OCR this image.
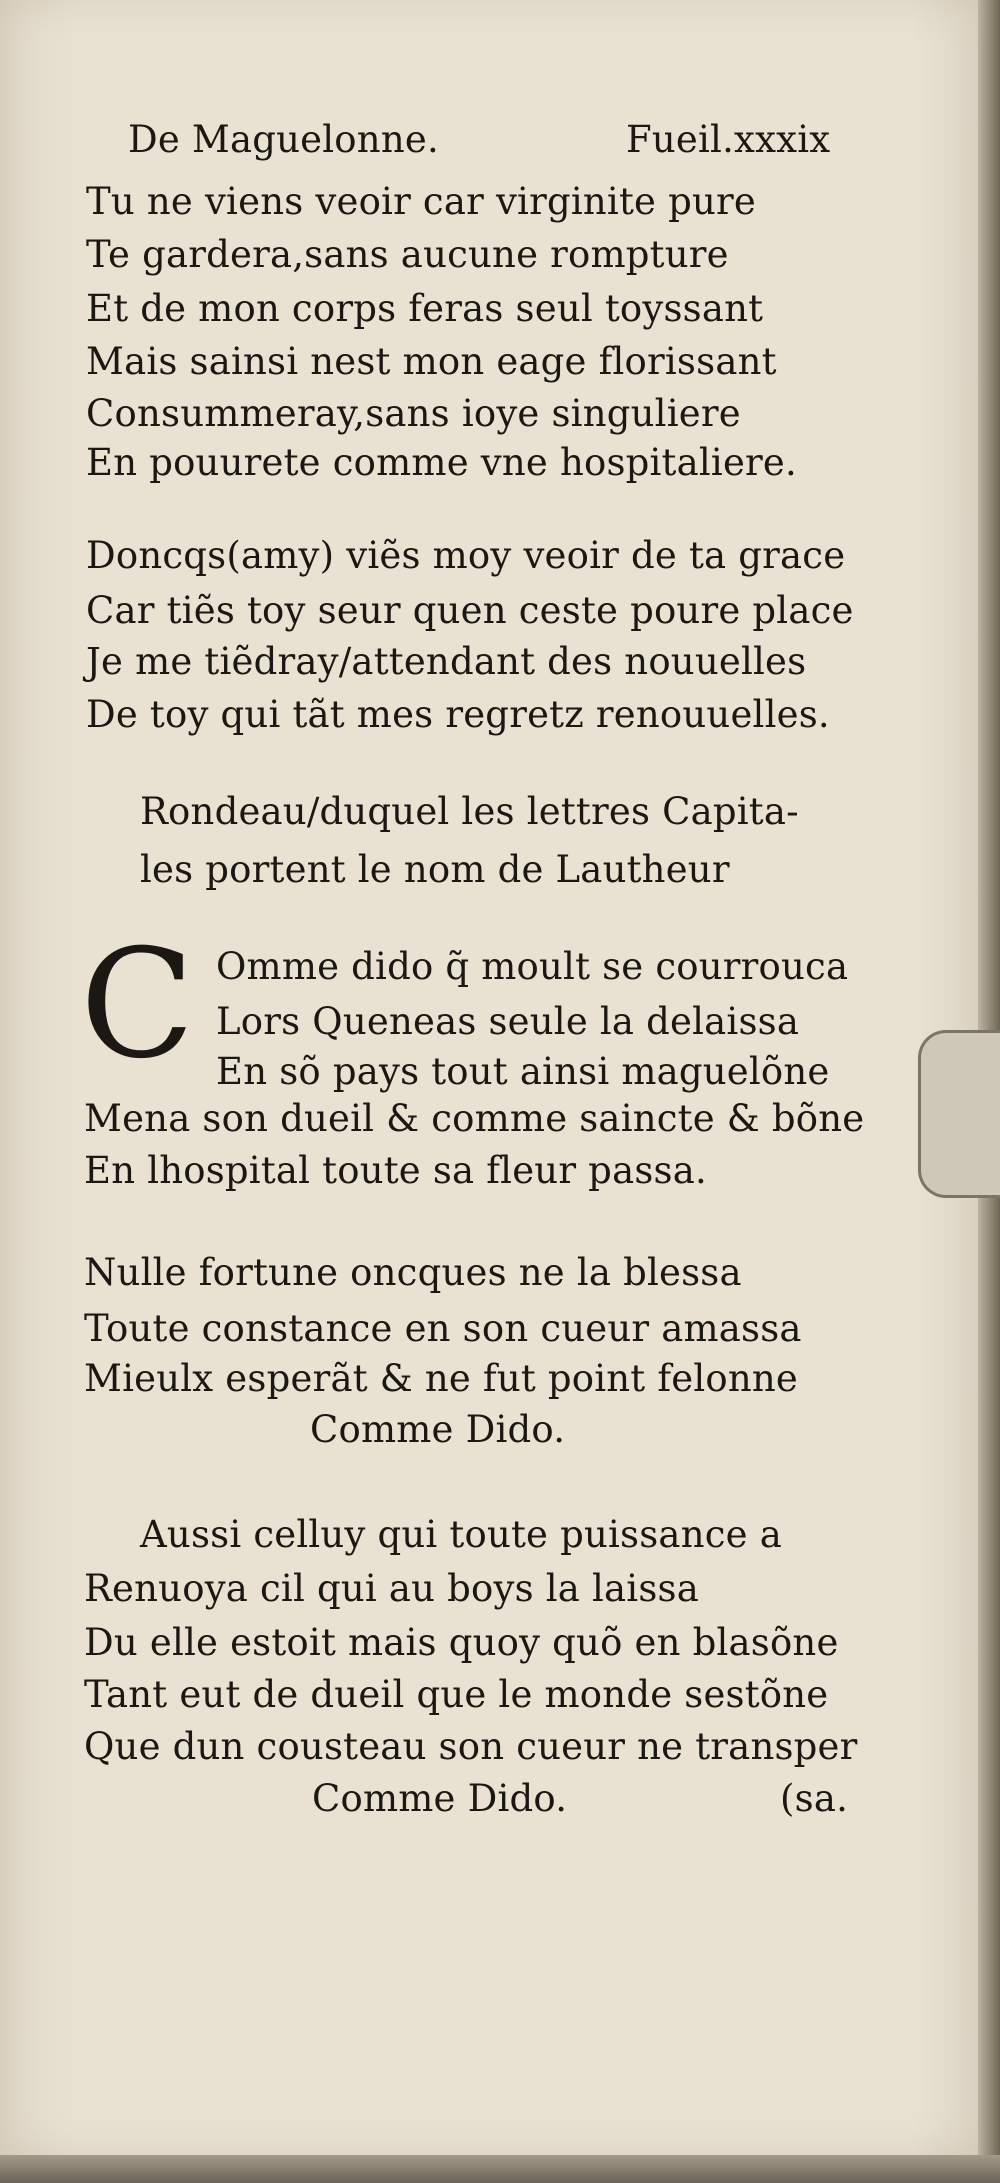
De Maguelonne.	Fueil.xxxix
Tu ne viens veoir car virginite pure
Te gardera,sans aucune rompture
Et de mon corps feras seul toyssant
Mais sainsi nest mon eage florissant
Consummeray,sans ioye singuliere
En pouurete comme vne hospitaliere.
Doncqs(amy) viẽs moy veoir de ta grace
Car tiẽs toy seur quen ceste poure place
Je me tiẽdray/attendant des nouuelles
De toy qui tãt mes regretz renouuelles.
Rondeau/duquel les lettres Capita-
les portent le nom de Lautheur
C Omme dido q̃ moult se courrouca
Lors Queneas seule la delaissa
En sõ pays tout ainsi maguelõne
Mena son dueil & comme saincte & bõne
En lhospital toute sa fleur passa.
Nulle fortune oncques ne la blessa
Toute constance en son cueur amassa
Mieulx esperãt & ne fut point felonne
Comme Dido.
Aussi celluy qui toute puissance a
Renuoya cil qui au boys la laissa
Du elle estoit mais quoy quõ en blasõne
Tant eut de dueil que le monde sestõne
Que dun cousteau son cueur ne transper
Comme Dido.	(sa.
